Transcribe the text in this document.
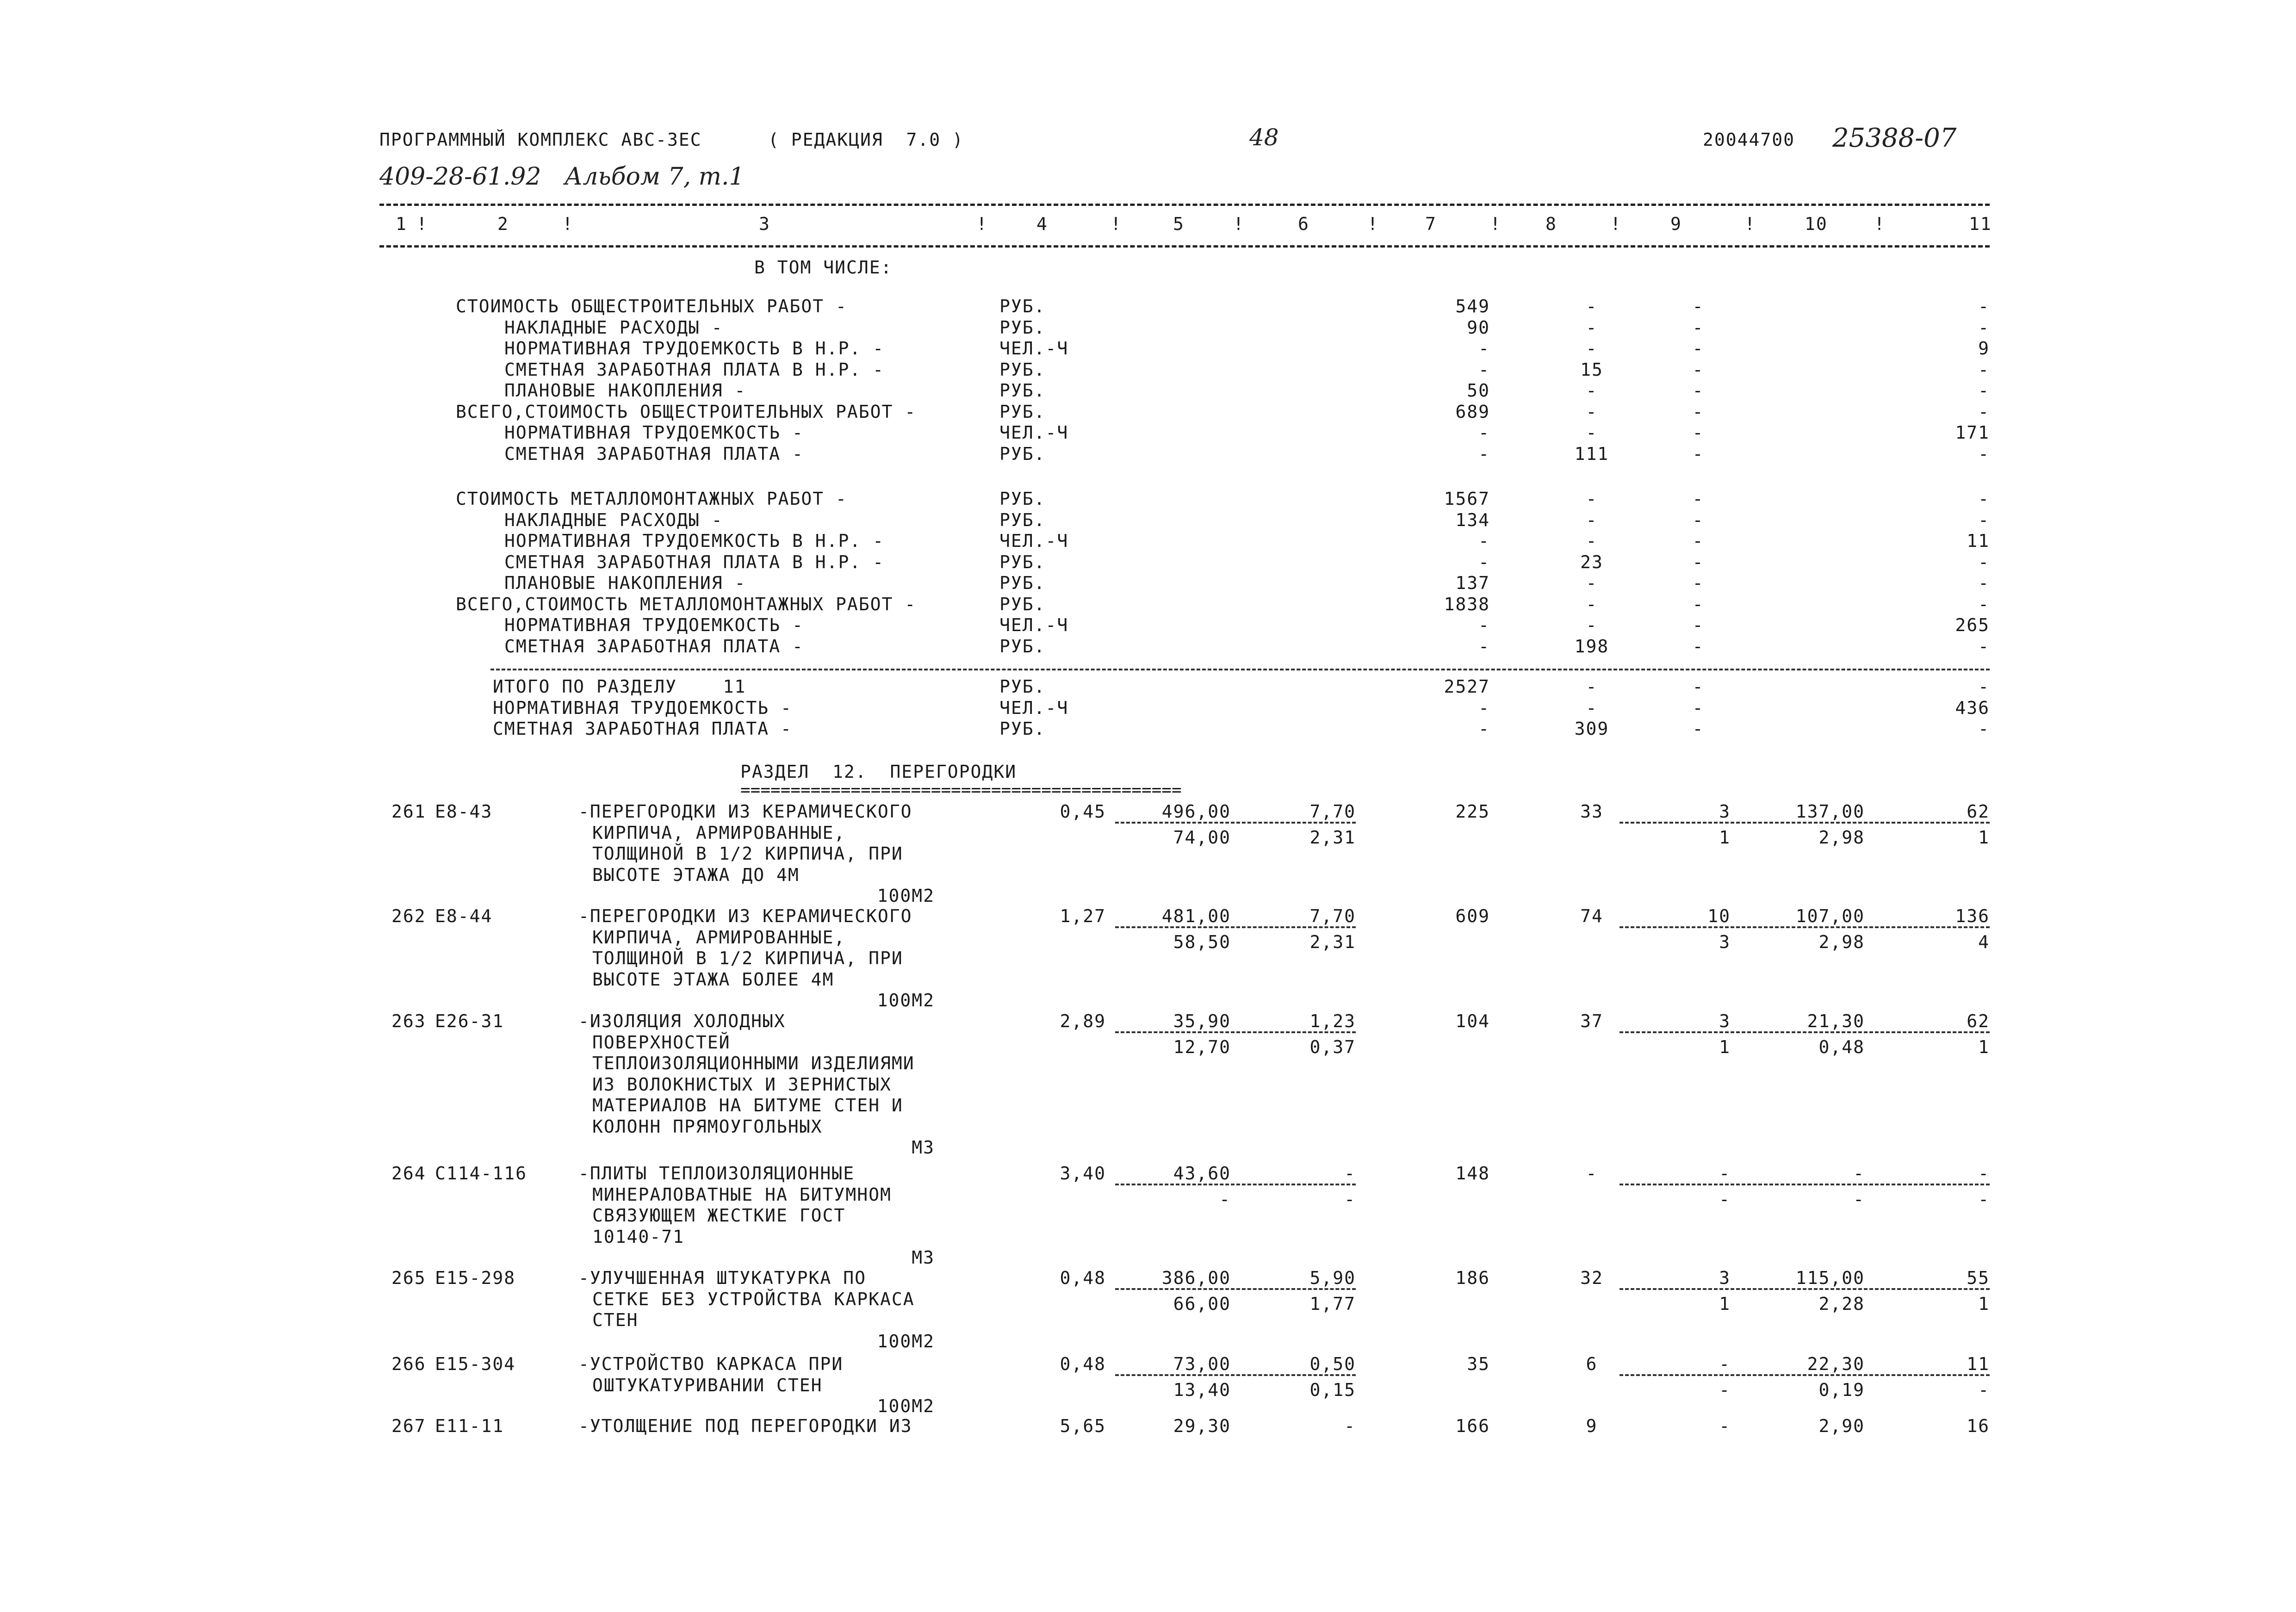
ПРОГРАММНЫЙ КОМПЛЕКС АВС-ЗЕС	( РЕДАКЦИЯ  7.0 )	48	20044700 25388-07
409-28-61.92 Альбом 7, т.1
1	2	3	4	5	6	7	8	9	10	11
!	!	!	!	!	!	!	!	!	!
В ТОМ ЧИСЛЕ:
СТОИМОСТЬ ОБЩЕСТРОИТЕЛЬНЫХ РАБОТ -	РУБ.	549	-	-	-
НАКЛАДНЫЕ РАСХОДЫ -	РУБ.	90	-	-	-
НОРМАТИВНАЯ ТРУДОЕМКОСТЬ В Н.Р. -	ЧЕЛ.-Ч	-	-	-	9
СМЕТНАЯ ЗАРАБОТНАЯ ПЛАТА В Н.Р. -	РУБ.	-	15	-	-
ПЛАНОВЫЕ НАКОПЛЕНИЯ -	РУБ.	50	-	-	-
ВСЕГО,СТОИМОСТЬ ОБЩЕСТРОИТЕЛЬНЫХ РАБОТ -	РУБ.	689	-	-	-
НОРМАТИВНАЯ ТРУДОЕМКОСТЬ -	ЧЕЛ.-Ч	-	-	-	171
СМЕТНАЯ ЗАРАБОТНАЯ ПЛАТА -	РУБ.	-	111	-	-
СТОИМОСТЬ МЕТАЛЛОМОНТАЖНЫХ РАБОТ -	РУБ.	1567	-	-	-
НАКЛАДНЫЕ РАСХОДЫ -	РУБ.	134	-	-	-
НОРМАТИВНАЯ ТРУДОЕМКОСТЬ В Н.Р. -	ЧЕЛ.-Ч	-	-	-	11
СМЕТНАЯ ЗАРАБОТНАЯ ПЛАТА В Н.Р. -	РУБ.	-	23	-	-
ПЛАНОВЫЕ НАКОПЛЕНИЯ -	РУБ.	137	-	-	-
ВСЕГО,СТОИМОСТЬ МЕТАЛЛОМОНТАЖНЫХ РАБОТ -	РУБ.	1838	-	-	-
НОРМАТИВНАЯ ТРУДОЕМКОСТЬ -	ЧЕЛ.-Ч	-	-	-	265
СМЕТНАЯ ЗАРАБОТНАЯ ПЛАТА -	РУБ.	-	198	-	-
ИТОГО ПО РАЗДЕЛУ    11	РУБ.	2527	-	-	-
НОРМАТИВНАЯ ТРУДОЕМКОСТЬ -	ЧЕЛ.-Ч	-	-	-	436
СМЕТНАЯ ЗАРАБОТНАЯ ПЛАТА -	РУБ.	-	309	-	-
261 Е8-43	-ПЕРЕГОРОДКИ ИЗ КЕРАМИЧЕСКОГО
КИРПИЧА, АРМИРОВАННЫЕ,
ТОЛЩИНОЙ В 1/2 КИРПИЧА, ПРИ
ВЫСОТЕ ЭТАЖА ДО 4М
100М2
0,45	496,00	7,70	225	33	3	137,00	62
74,00	2,31	1	2,98	1
262 Е8-44	-ПЕРЕГОРОДКИ ИЗ КЕРАМИЧЕСКОГО
КИРПИЧА, АРМИРОВАННЫЕ,
ТОЛЩИНОЙ В 1/2 КИРПИЧА, ПРИ
ВЫСОТЕ ЭТАЖА БОЛЕЕ 4М
100М2
1,27	481,00	7,70	609	74	10	107,00	136
58,50	2,31	3	2,98	4
263 Е26-31	-ИЗОЛЯЦИЯ ХОЛОДНЫХ
ПОВЕРХНОСТЕЙ
ТЕПЛОИЗОЛЯЦИОННЫМИ ИЗДЕЛИЯМИ
ИЗ ВОЛОКНИСТЫХ И ЗЕРНИСТЫХ
МАТЕРИАЛОВ НА БИТУМЕ СТЕН И
КОЛОНН ПРЯМОУГОЛЬНЫХ
М3
2,89	35,90	1,23	104	37	3	21,30	62
12,70	0,37	1	0,48	1
264 С114-116	-ПЛИТЫ ТЕПЛОИЗОЛЯЦИОННЫЕ
МИНЕРАЛОВАТНЫЕ НА БИТУМНОМ
СВЯЗУЮЩЕМ ЖЕСТКИЕ ГОСТ
10140-71
М3
3,40	43,60	-	148	-	-	-	-
-	-	-	-	-
265 Е15-298	-УЛУЧШЕННАЯ ШТУКАТУРКА ПО
СЕТКЕ БЕЗ УСТРОЙСТВА КАРКАСА
СТЕН
100М2
0,48	386,00	5,90	186	32	3	115,00	55
66,00	1,77	1	2,28	1
266 Е15-304	-УСТРОЙСТВО КАРКАСА ПРИ
ОШТУКАТУРИВАНИИ СТЕН
100М2
0,48	73,00	0,50	35	6	-	22,30	11
13,40	0,15	-	0,19	-
267 Е11-11	-УТОЛЩЕНИЕ ПОД ПЕРЕГОРОДКИ ИЗ	5,65	29,30	-	166	9	-	2,90	16
РАЗДЕЛ  12.  ПЕРЕГОРОДКИ
============================================
